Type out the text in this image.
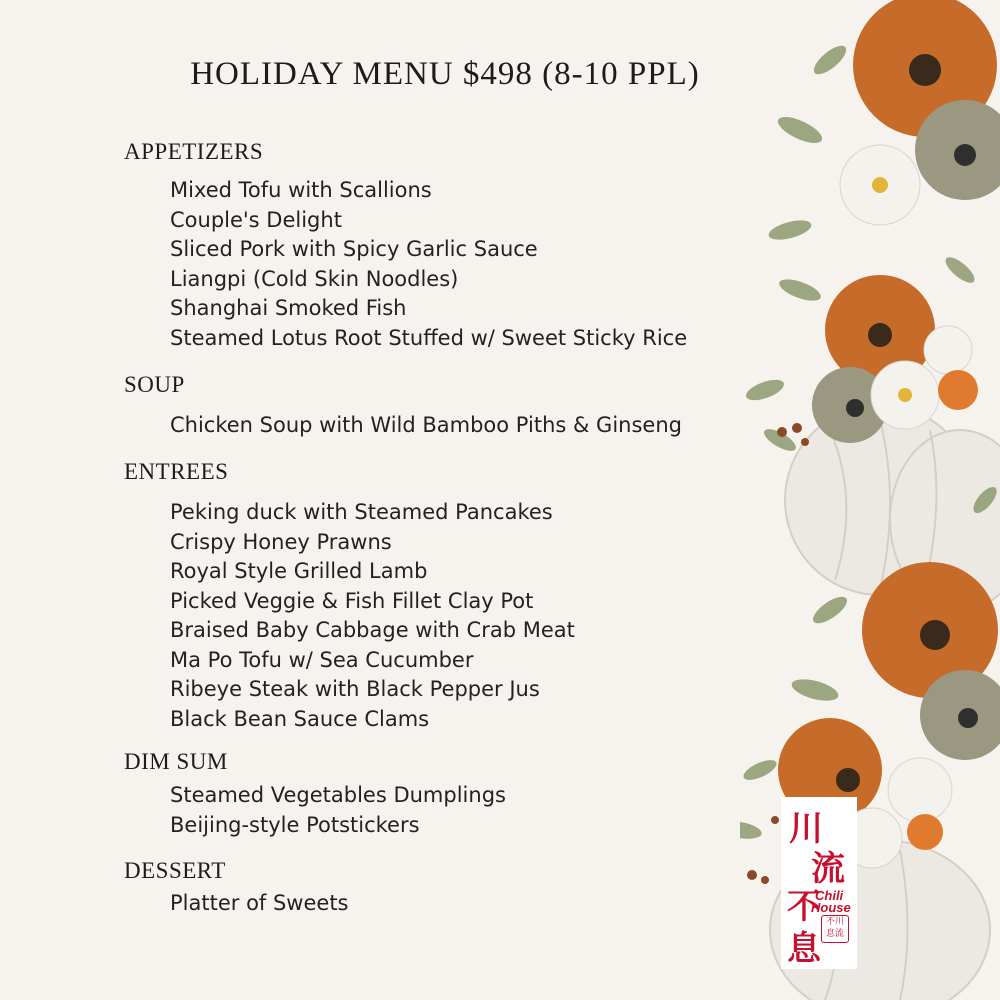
HOLIDAY MENU $498 (8-10 PPL)
APPETIZERS
Mixed Tofu with Scallions
Couple's Delight
Sliced Pork with Spicy Garlic Sauce
Liangpi (Cold Skin Noodles)
Shanghai Smoked Fish
Steamed Lotus Root Stuffed w/ Sweet Sticky Rice
SOUP
Chicken Soup with Wild Bamboo Piths & Ginseng
ENTREES
Peking duck with Steamed Pancakes
Crispy Honey Prawns
Royal Style Grilled Lamb
Picked Veggie & Fish Fillet Clay Pot
Braised Baby Cabbage with Crab Meat
Ma Po Tofu w/ Sea Cucumber
Ribeye Steak with Black Pepper Jus
Black Bean Sauce Clams
DIM SUM
Steamed Vegetables Dumplings
Beijing-style Potstickers
DESSERT
Platter of Sweets
川
流
不
息
Chili
House
不川
息流
